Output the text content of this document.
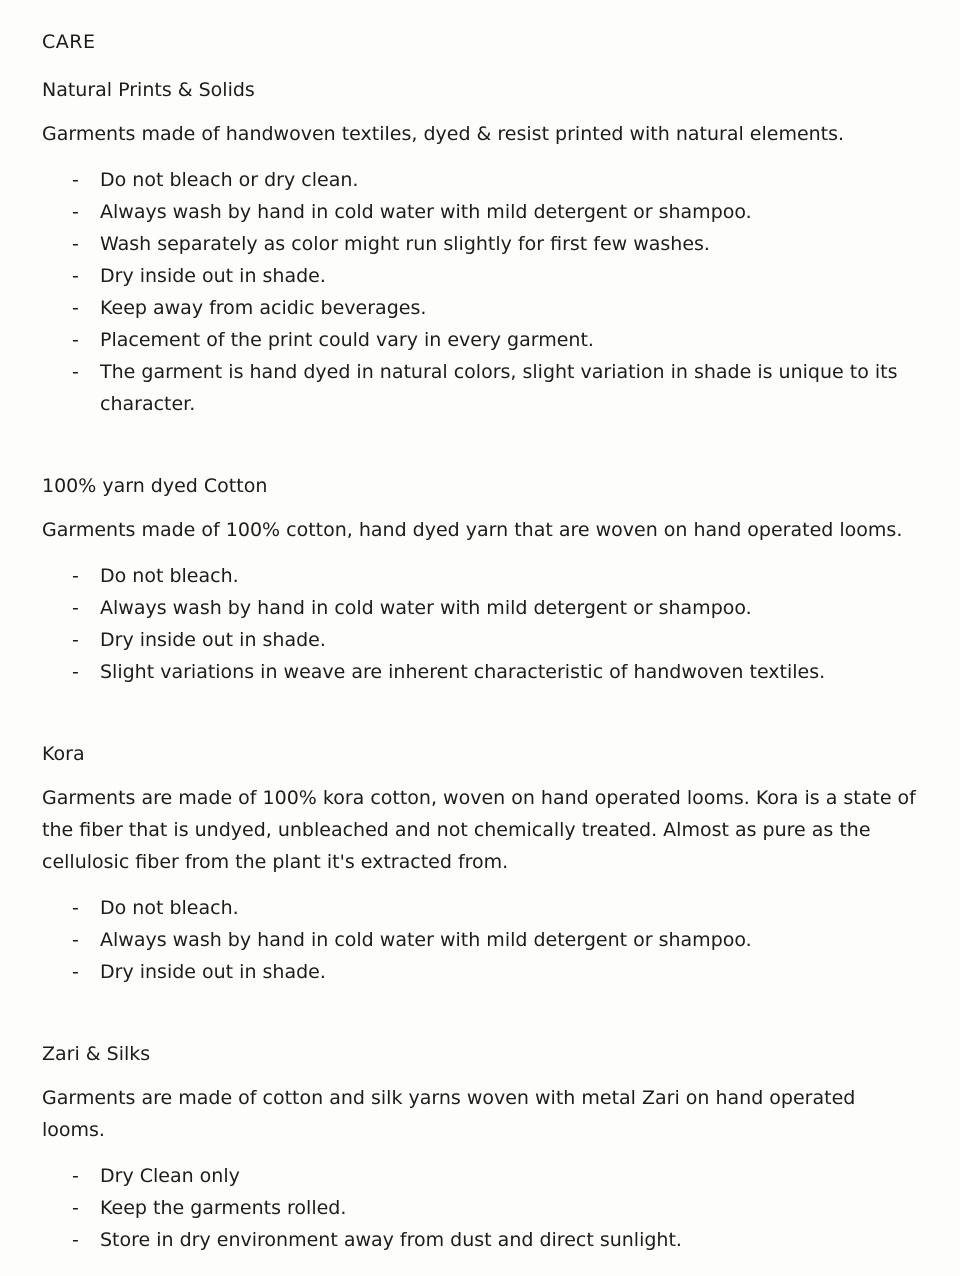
CARE
Natural Prints & Solids

Garments made of handwoven textiles, dyed & resist printed with natural elements.

-	Do not bleach or dry clean.
-	Always wash by hand in cold water with mild detergent or shampoo.
-	Wash separately as color might run slightly for first few washes.
-	Dry inside out in shade.
-	Keep away from acidic beverages.
-	Placement of the print could vary in every garment.
-	The garment is hand dyed in natural colors, slight variation in shade is unique to its character.
100% yarn dyed Cotton

Garments made of 100% cotton, hand dyed yarn that are woven on hand operated looms.

-	Do not bleach.
-	Always wash by hand in cold water with mild detergent or shampoo.
-	Dry inside out in shade.
-	Slight variations in weave are inherent characteristic of handwoven textiles.
Kora

Garments are made of 100% kora cotton, woven on hand operated looms. Kora is a state of the fiber that is undyed, unbleached and not chemically treated. Almost as pure as the cellulosic fiber from the plant it's extracted from.

-	Do not bleach.
-	Always wash by hand in cold water with mild detergent or shampoo.
-	Dry inside out in shade.
Zari & Silks

Garments are made of cotton and silk yarns woven with metal Zari on hand operated looms.

-	Dry Clean only
-	Keep the garments rolled.
-	Store in dry environment away from dust and direct sunlight.
